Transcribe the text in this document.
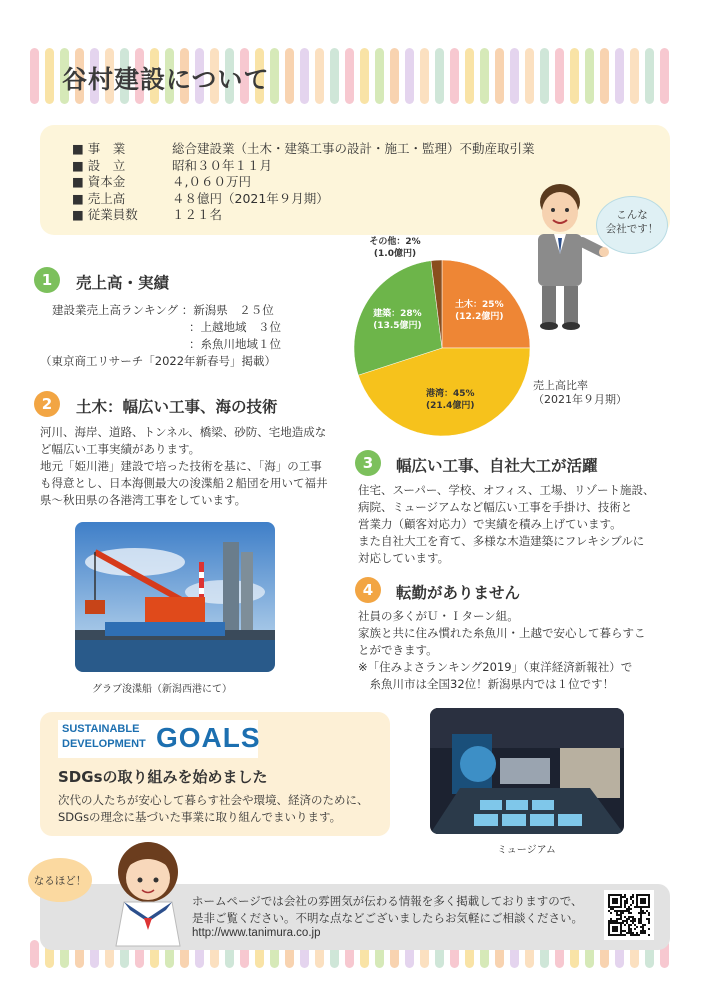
谷村建設について
■ 事　業	総合建設業（土木・建築工事の設計・施工・監理）不動産取引業
■ 設　立	昭和３０年１１月
■ 資本金	４,０６０万円
■ 売上高	４８億円（2021年９月期）
■ 従業員数	１２１名	こんな
会社です！
1	売上高・実績
建設業売上高ランキング ：新潟県　２５位
：上越地域　３位
：糸魚川地域１位
（東京商工リサーチ「2022年新春号」掲載）
2	土木：幅広い工事、海の技術
河川、海岸、道路、トンネル、橋梁、砂防、宅地造成な
ど幅広い工事実績があります。
地元「姫川港」建設で培った技術を基に、「海」の工事
も得意とし、日本海側最大の浚渫船２船団を用いて福井
県〜秋田県の各港湾工事をしています。
グラブ浚渫船（新潟西港にて）
土木：25%
(12.2億円)
港湾：45%
(21.4億円)
建築：28%
(13.5億円)
その他：2%
(1.0億円)
売上高比率
（2021年９月期）
3	幅広い工事、自社大工が活躍
住宅、スーパー、学校、オフィス、工場、リゾート施設、
病院、ミュージアムなど幅広い工事を手掛け、技術と
営業力（顧客対応力）で実績を積み上げています。
また自社大工を育て、多様な木造建築にフレキシブルに
対応しています。
4	転勤がありません
社員の多くがＵ・Ｉターン組。
家族と共に住み慣れた糸魚川・上越で安心して暮らすこ
とができます。
※「住みよさランキング2019」（東洋経済新報社）で
　糸魚川市は全国32位！新潟県内では１位です！
SUSTAINABLE
DEVELOPMENT GOALS
SDGsの取り組みを始めました
次代の人たちが安心して暮らす社会や環境、経済のために、
SDGsの理念に基づいた事業に取り組んでまいります。
ミュージアム
なるほど！
ホームページでは会社の雰囲気が伝わる情報を多く掲載しておりますので、
是非ご覧ください。不明な点などございましたらお気軽にご相談ください。
http://www.tanimura.co.jp
